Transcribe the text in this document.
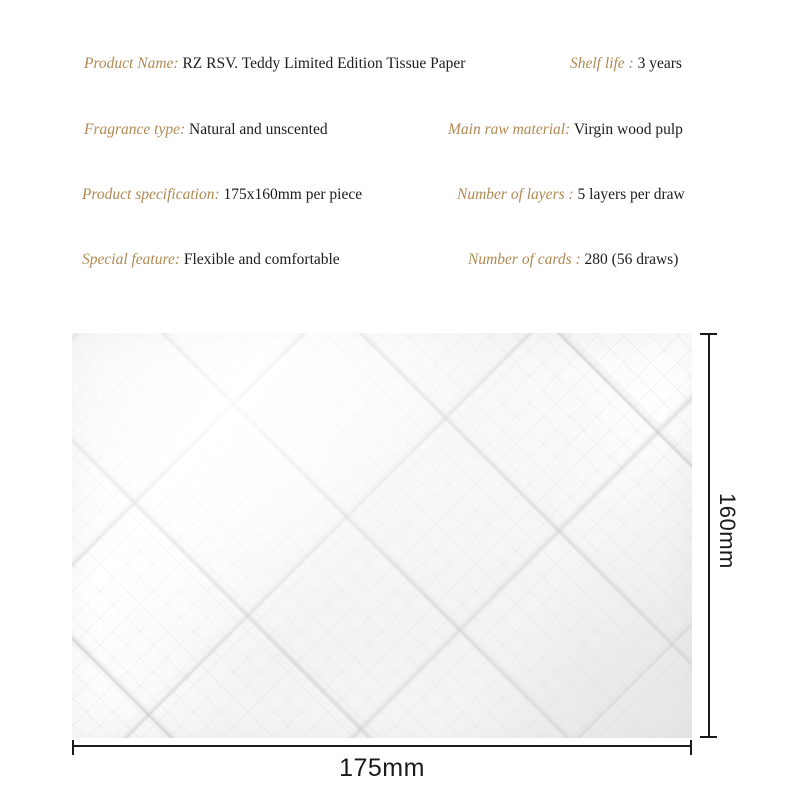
Product Name: RZ RSV. Teddy Limited Edition Tissue Paper	Shelf life : 3 years
Fragrance type: Natural and unscented	Main raw material: Virgin wood pulp
Product specification: 175x160mm per piece	Number of layers : 5 layers per draw
Special feature: Flexible and comfortable	Number of cards : 280 (56 draws)
160mm
175mm
